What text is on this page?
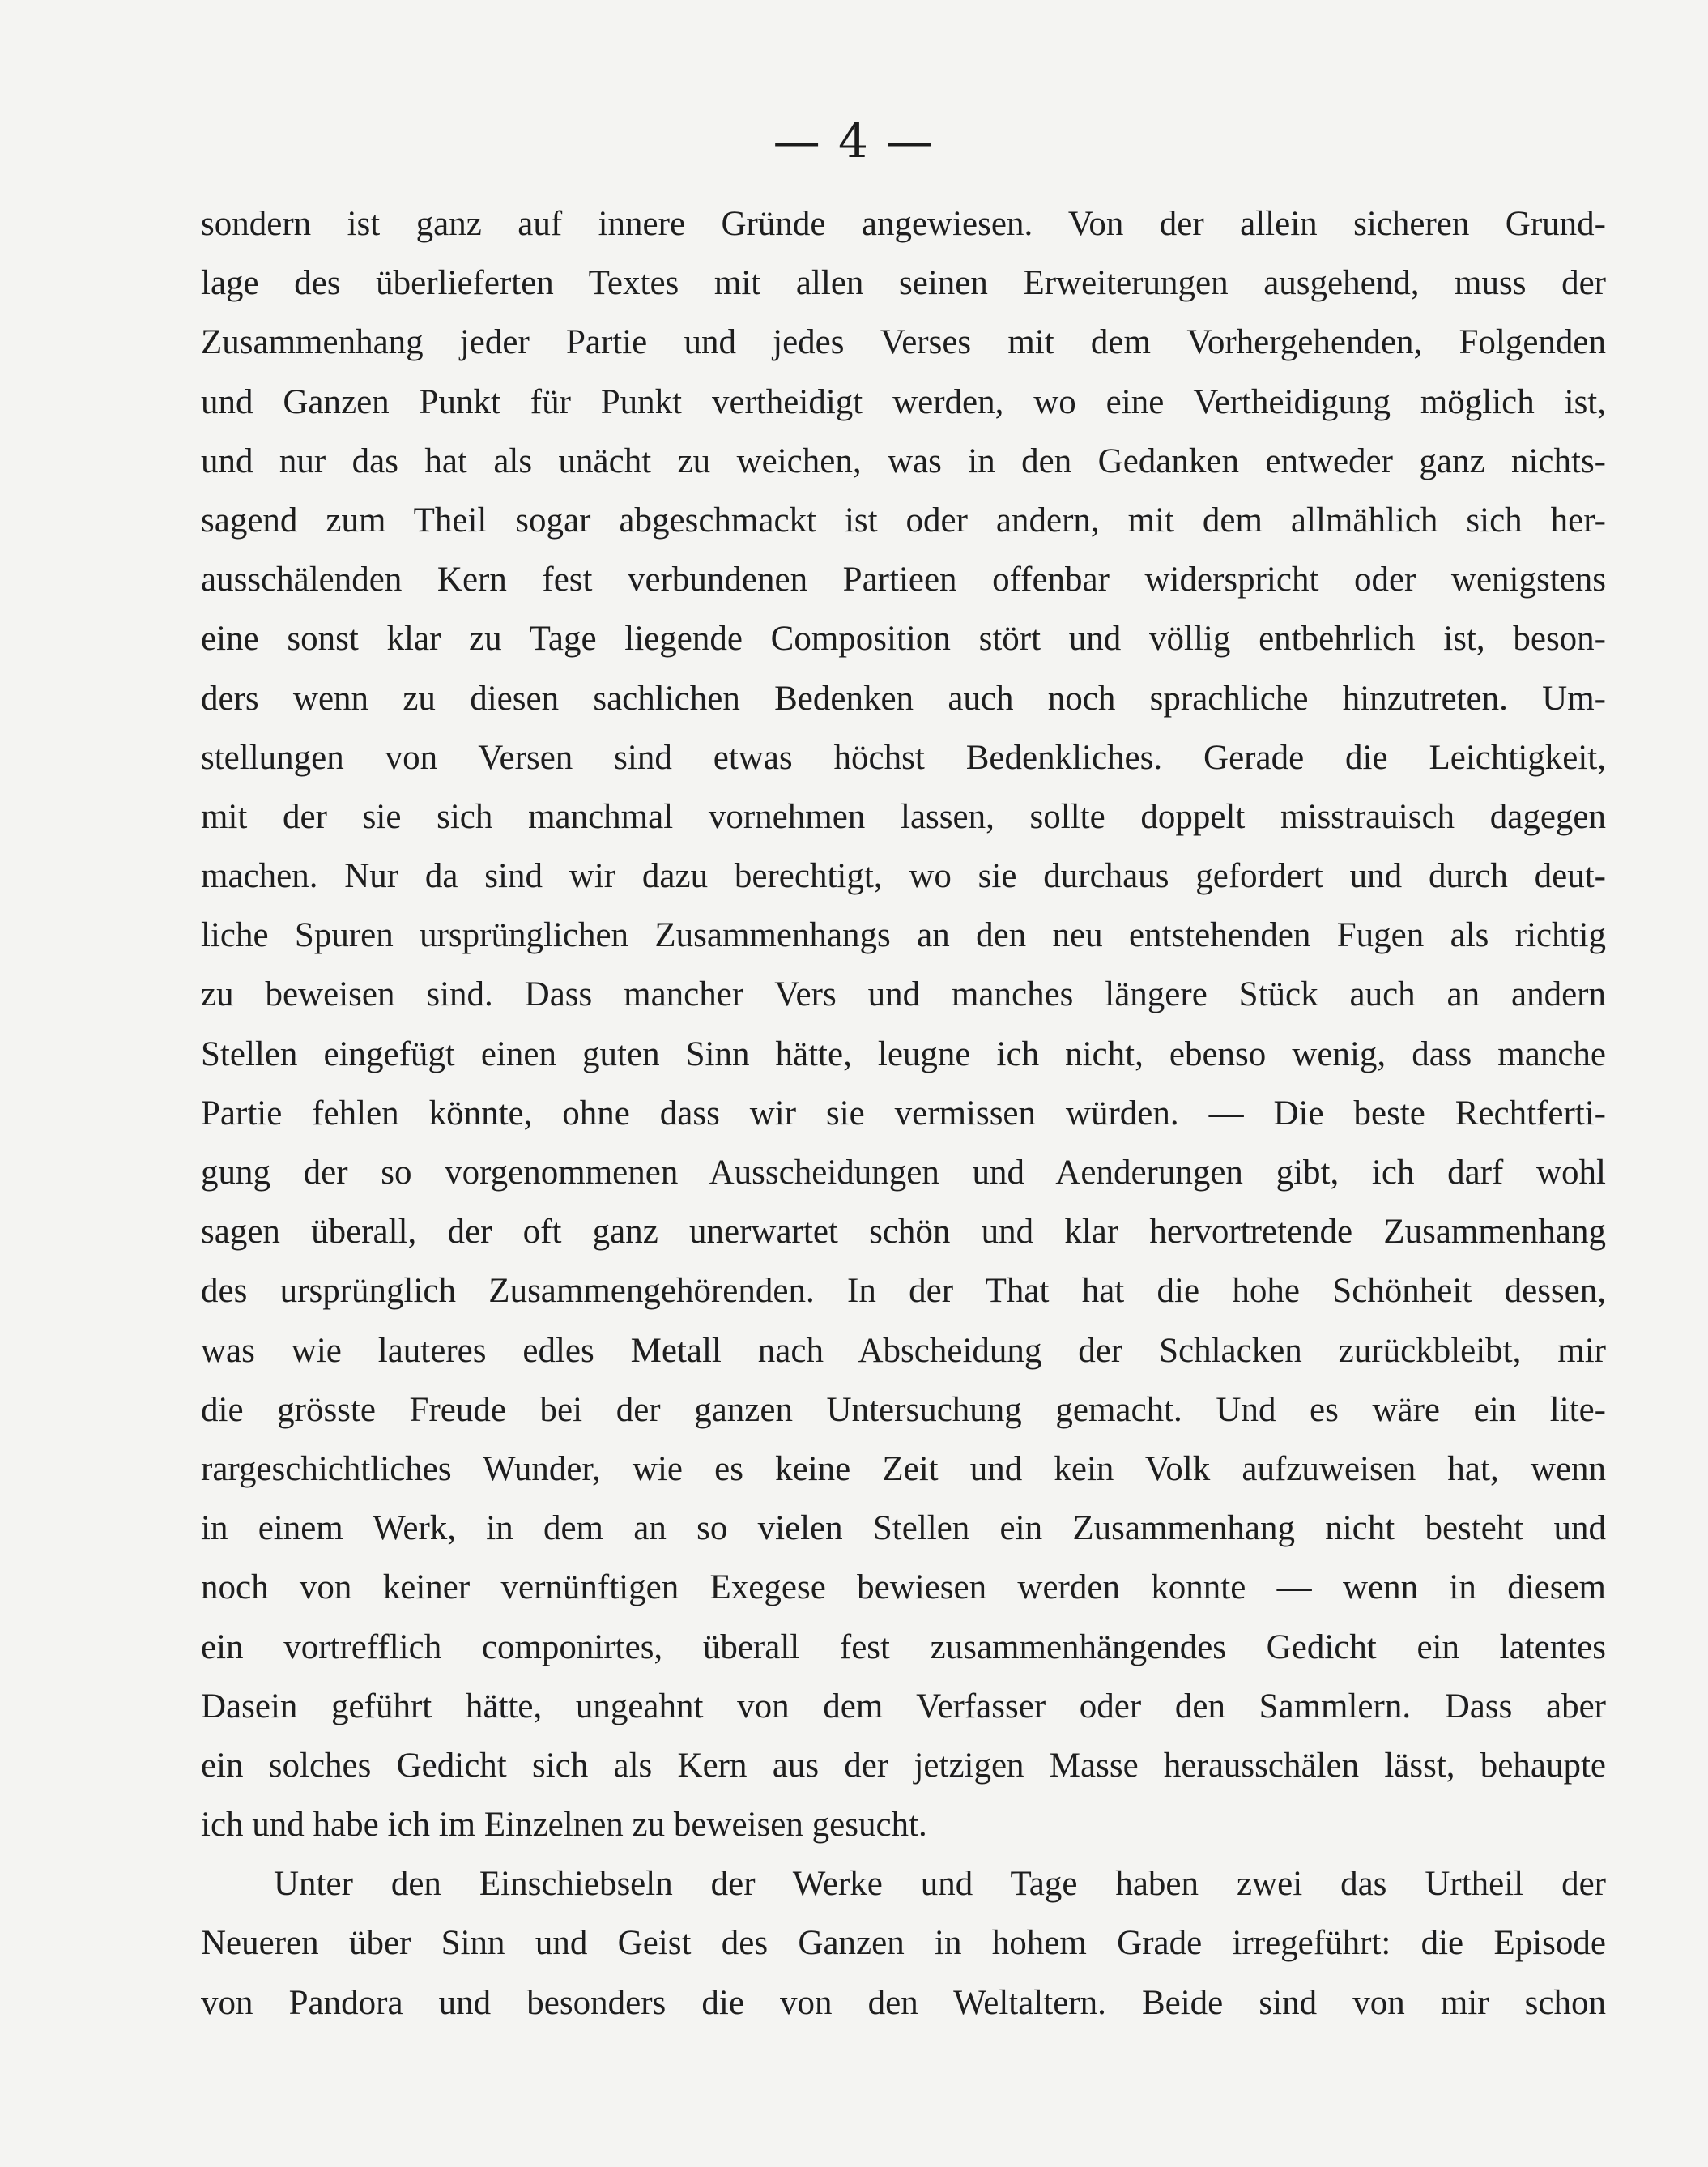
— 4 —
sondern ist ganz auf innere Gründe angewiesen. Von der allein sicheren Grund-
lage des überlieferten Textes mit allen seinen Erweiterungen ausgehend, muss der
Zusammenhang jeder Partie und jedes Verses mit dem Vorhergehenden, Folgenden
und Ganzen Punkt für Punkt vertheidigt werden, wo eine Vertheidigung möglich ist,
und nur das hat als unächt zu weichen, was in den Gedanken entweder ganz nichts-
sagend zum Theil sogar abgeschmackt ist oder andern, mit dem allmählich sich her-
ausschälenden Kern fest verbundenen Partieen offenbar widerspricht oder wenigstens
eine sonst klar zu Tage liegende Composition stört und völlig entbehrlich ist, beson-
ders wenn zu diesen sachlichen Bedenken auch noch sprachliche hinzutreten. Um-
stellungen von Versen sind etwas höchst Bedenkliches. Gerade die Leichtigkeit,
mit der sie sich manchmal vornehmen lassen, sollte doppelt misstrauisch dagegen
machen. Nur da sind wir dazu berechtigt, wo sie durchaus gefordert und durch deut-
liche Spuren ursprünglichen Zusammenhangs an den neu entstehenden Fugen als richtig
zu beweisen sind. Dass mancher Vers und manches längere Stück auch an andern
Stellen eingefügt einen guten Sinn hätte, leugne ich nicht, ebenso wenig, dass manche
Partie fehlen könnte, ohne dass wir sie vermissen würden. — Die beste Rechtferti-
gung der so vorgenommenen Ausscheidungen und Aenderungen gibt, ich darf wohl
sagen überall, der oft ganz unerwartet schön und klar hervortretende Zusammenhang
des ursprünglich Zusammengehörenden. In der That hat die hohe Schönheit dessen,
was wie lauteres edles Metall nach Abscheidung der Schlacken zurückbleibt, mir
die grösste Freude bei der ganzen Untersuchung gemacht. Und es wäre ein lite-
rargeschichtliches Wunder, wie es keine Zeit und kein Volk aufzuweisen hat, wenn
in einem Werk, in dem an so vielen Stellen ein Zusammenhang nicht besteht und
noch von keiner vernünftigen Exegese bewiesen werden konnte — wenn in diesem
ein vortrefflich componirtes, überall fest zusammenhängendes Gedicht ein latentes
Dasein geführt hätte, ungeahnt von dem Verfasser oder den Sammlern. Dass aber
ein solches Gedicht sich als Kern aus der jetzigen Masse herausschälen lässt, behaupte
ich und habe ich im Einzelnen zu beweisen gesucht.
Unter den Einschiebseln der Werke und Tage haben zwei das Urtheil der
Neueren über Sinn und Geist des Ganzen in hohem Grade irregeführt: die Episode
von Pandora und besonders die von den Weltaltern. Beide sind von mir schon
